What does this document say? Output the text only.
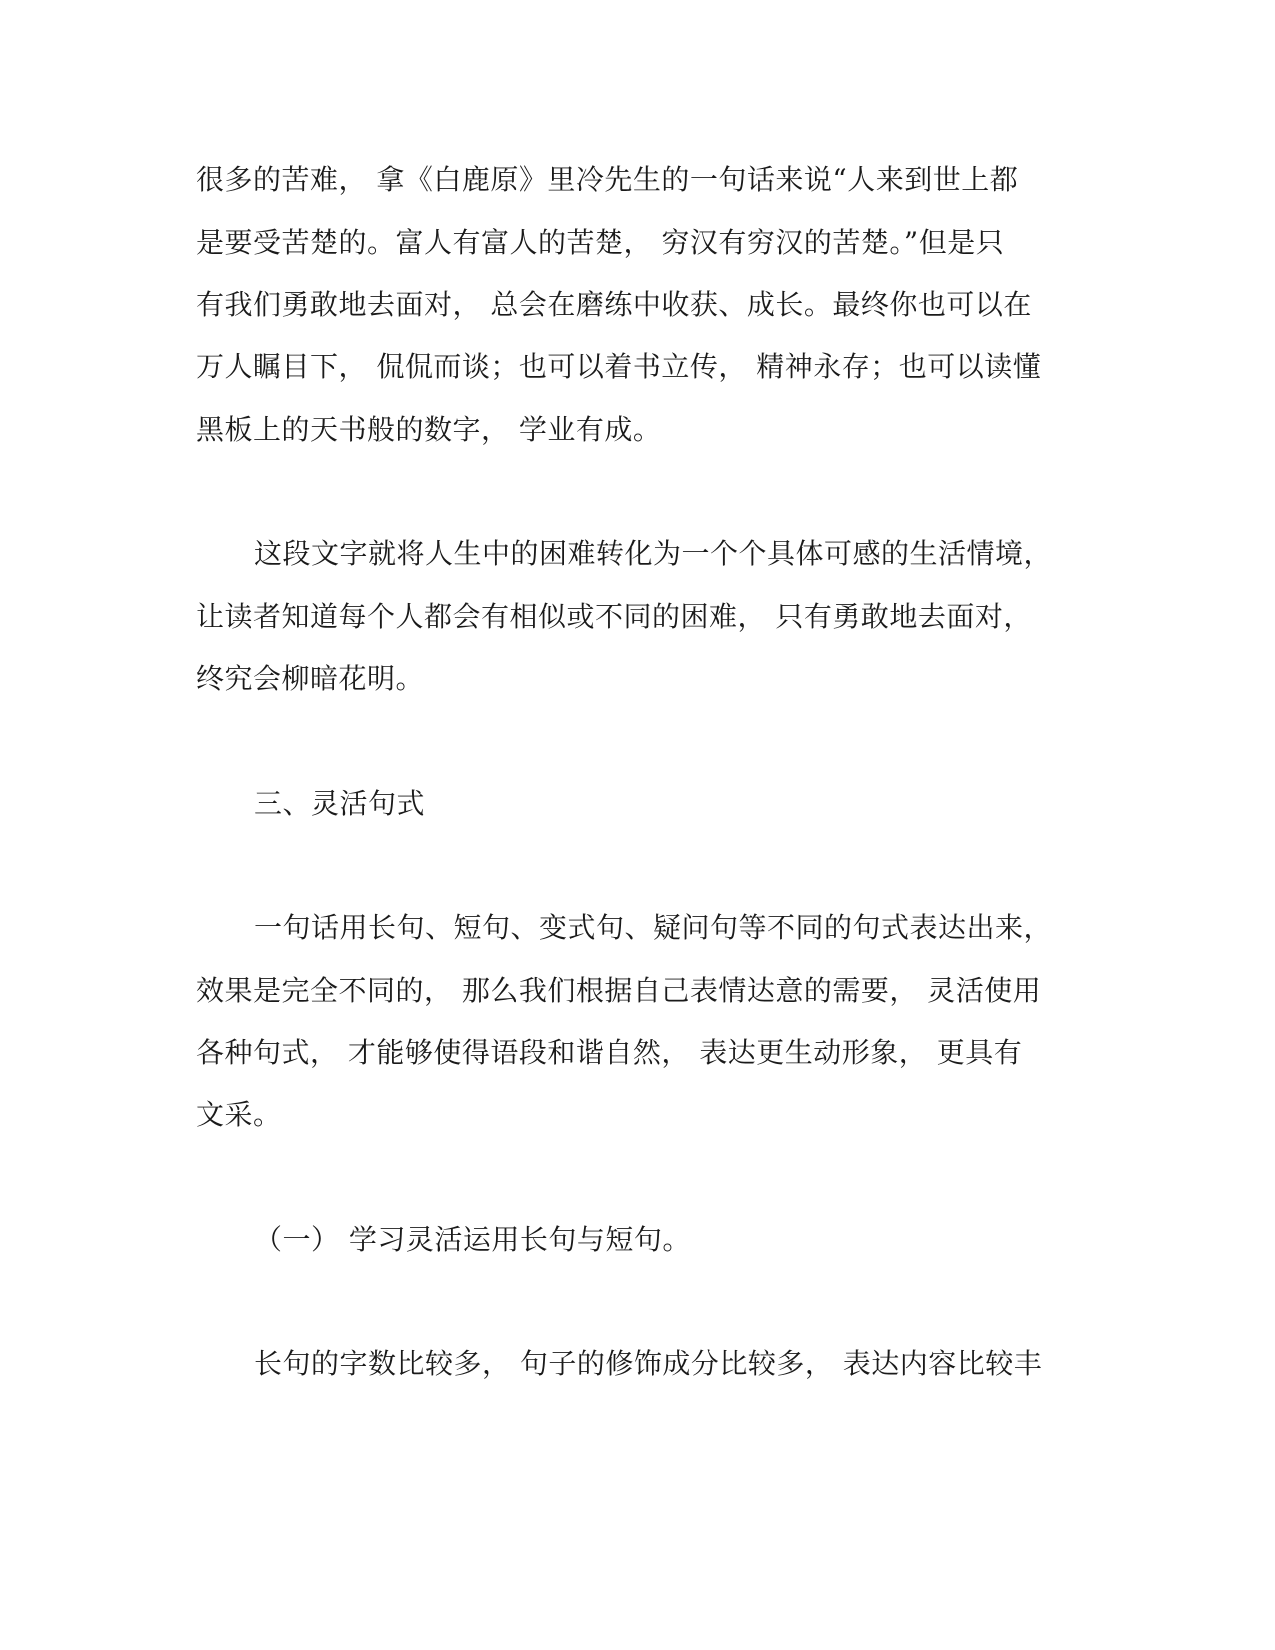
很多的苦难， 拿《白鹿原》里冷先生的一句话来说“人来到世上都
是要受苦楚的。富人有富人的苦楚， 穷汉有穷汉的苦楚。”但是只
有我们勇敢地去面对， 总会在磨练中收获、成长。最终你也可以在
万人瞩目下， 侃侃而谈；也可以着书立传， 精神永存；也可以读懂
黑板上的天书般的数字， 学业有成。
这段文字就将人生中的困难转化为一个个具体可感的生活情境，
让读者知道每个人都会有相似或不同的困难， 只有勇敢地去面对，
终究会柳暗花明。
三、灵活句式
一句话用长句、短句、变式句、疑问句等不同的句式表达出来，
效果是完全不同的， 那么我们根据自己表情达意的需要， 灵活使用
各种句式， 才能够使得语段和谐自然， 表达更生动形象， 更具有
文采。
（一） 学习灵活运用长句与短句。
长句的字数比较多， 句子的修饰成分比较多， 表达内容比较丰
